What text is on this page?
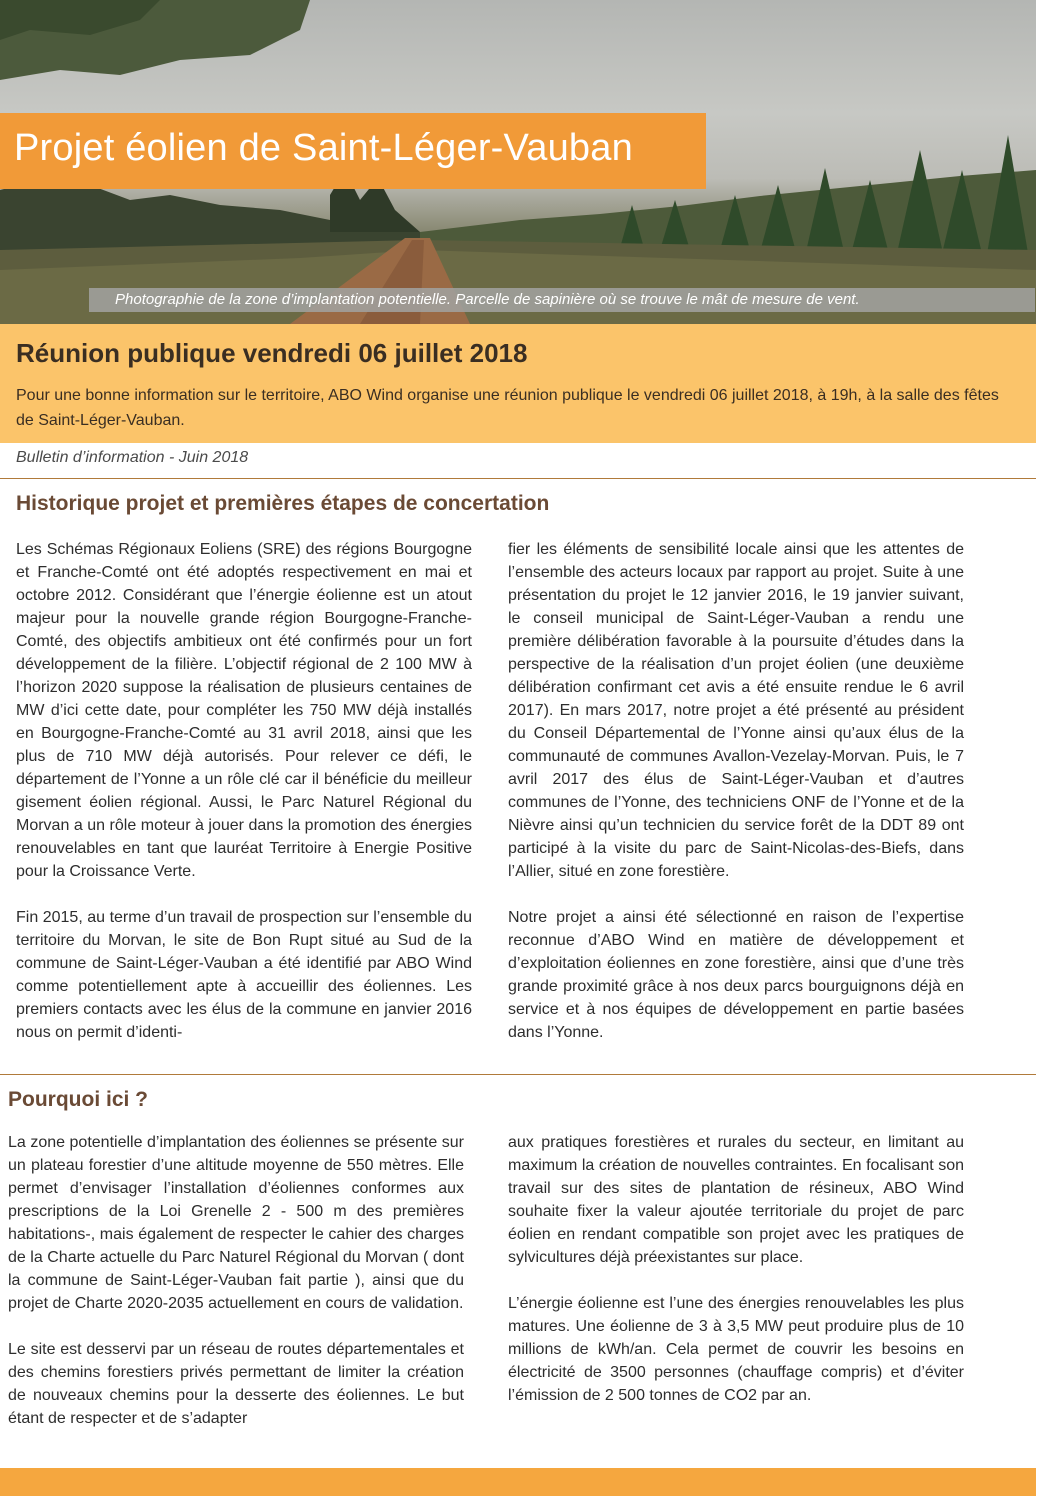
Projet éolien de Saint-Léger-Vauban
Photographie de la zone d’implantation potentielle. Parcelle de sapinière où se trouve le mât de mesure de vent.
Réunion publique vendredi 06 juillet 2018

Pour une bonne information sur le territoire, ABO Wind organise une réunion publique le vendredi 06 juillet 2018, à 19h, à la salle des fêtes de Saint-Léger-Vauban.

Bulletin d’information - Juin 2018

Historique projet et premières étapes de concertation

Les Schémas Régionaux Eoliens (SRE) des régions Bourgogne et Franche-Comté ont été adoptés respectivement en mai et octobre 2012. Considérant que l’énergie éolienne est un atout majeur pour la nouvelle grande région Bourgogne-Franche-Comté, des objectifs ambitieux ont été confirmés pour un fort développement de la filière. L’objectif régional de 2 100 MW à l’horizon 2020 suppose la réalisation de plusieurs centaines de MW d’ici cette date, pour compléter les 750 MW déjà installés en Bourgogne-Franche-Comté au 31 avril 2018, ainsi que les plus de 710 MW déjà autorisés. Pour relever ce défi, le département de l’Yonne a un rôle clé car il bénéficie du meilleur gisement éolien régional. Aussi, le Parc Naturel Régional du Morvan a un rôle moteur à jouer dans la promotion des énergies renouvelables en tant que lauréat Territoire à Energie Positive pour la Croissance Verte.

Fin 2015, au terme d’un travail de prospection sur l’ensemble du territoire du Morvan, le site de Bon Rupt situé au Sud de la commune de Saint-Léger-Vauban a été identifié par ABO Wind comme potentiellement apte à accueillir des éoliennes. Les premiers contacts avec les élus de la commune en janvier 2016 nous on permit d’identi-

fier les éléments de sensibilité locale ainsi que les attentes de l’ensemble des acteurs locaux par rapport au projet. Suite à une présentation du projet le 12 janvier 2016, le 19 janvier suivant, le conseil municipal de Saint-Léger-Vauban a rendu une première délibération favorable à la poursuite d’études dans la perspective de la réalisation d’un projet éolien (une deuxième délibération confirmant cet avis a été ensuite rendue le 6 avril 2017). En mars 2017, notre projet a été présenté au président du Conseil Départemental de l’Yonne ainsi qu’aux élus de la communauté de communes Avallon-Vezelay-Morvan. Puis, le 7 avril 2017 des élus de Saint-Léger-Vauban et d’autres communes de l’Yonne, des techniciens ONF de l’Yonne et de la Nièvre ainsi qu’un technicien du service forêt de la DDT 89 ont participé à la visite du parc de Saint-Nicolas-des-Biefs, dans l’Allier, situé en zone forestière.

Notre projet a ainsi été sélectionné en raison de l’expertise reconnue d’ABO Wind en matière de développement et d’exploitation éoliennes en zone forestière, ainsi que d’une très grande proximité grâce à nos deux parcs bourguignons déjà en service et à nos équipes de développement en partie basées dans l’Yonne.

Pourquoi ici ?

La zone potentielle d’implantation des éoliennes se présente sur un plateau forestier d’une altitude moyenne de 550 mètres. Elle permet d’envisager l’installation d’éoliennes conformes aux prescriptions de la Loi Grenelle 2 - 500 m des premières habitations-, mais également de respecter le cahier des charges de la Charte actuelle du Parc Naturel Régional du Morvan ( dont la commune de Saint-Léger-Vauban fait partie ), ainsi que du projet de Charte 2020-2035 actuellement en cours de validation.

Le site est desservi par un réseau de routes départementales et des chemins forestiers privés permettant de limiter la création de nouveaux chemins pour la desserte des éoliennes. Le but étant de respecter et de s’adapter

aux pratiques forestières et rurales du secteur, en limitant au maximum la création de nouvelles contraintes. En focalisant son travail sur des sites de plantation de résineux, ABO Wind souhaite fixer la valeur ajoutée territoriale du projet de parc éolien en rendant compatible son projet avec les pratiques de sylvicultures déjà préexistantes sur place.

L’énergie éolienne est l’une des énergies renouvelables les plus matures. Une éolienne de 3 à 3,5 MW peut produire plus de 10 millions de kWh/an. Cela permet de couvrir les besoins en électricité de 3500 personnes (chauffage compris) et d’éviter l’émission de 2 500 tonnes de CO2 par an.
